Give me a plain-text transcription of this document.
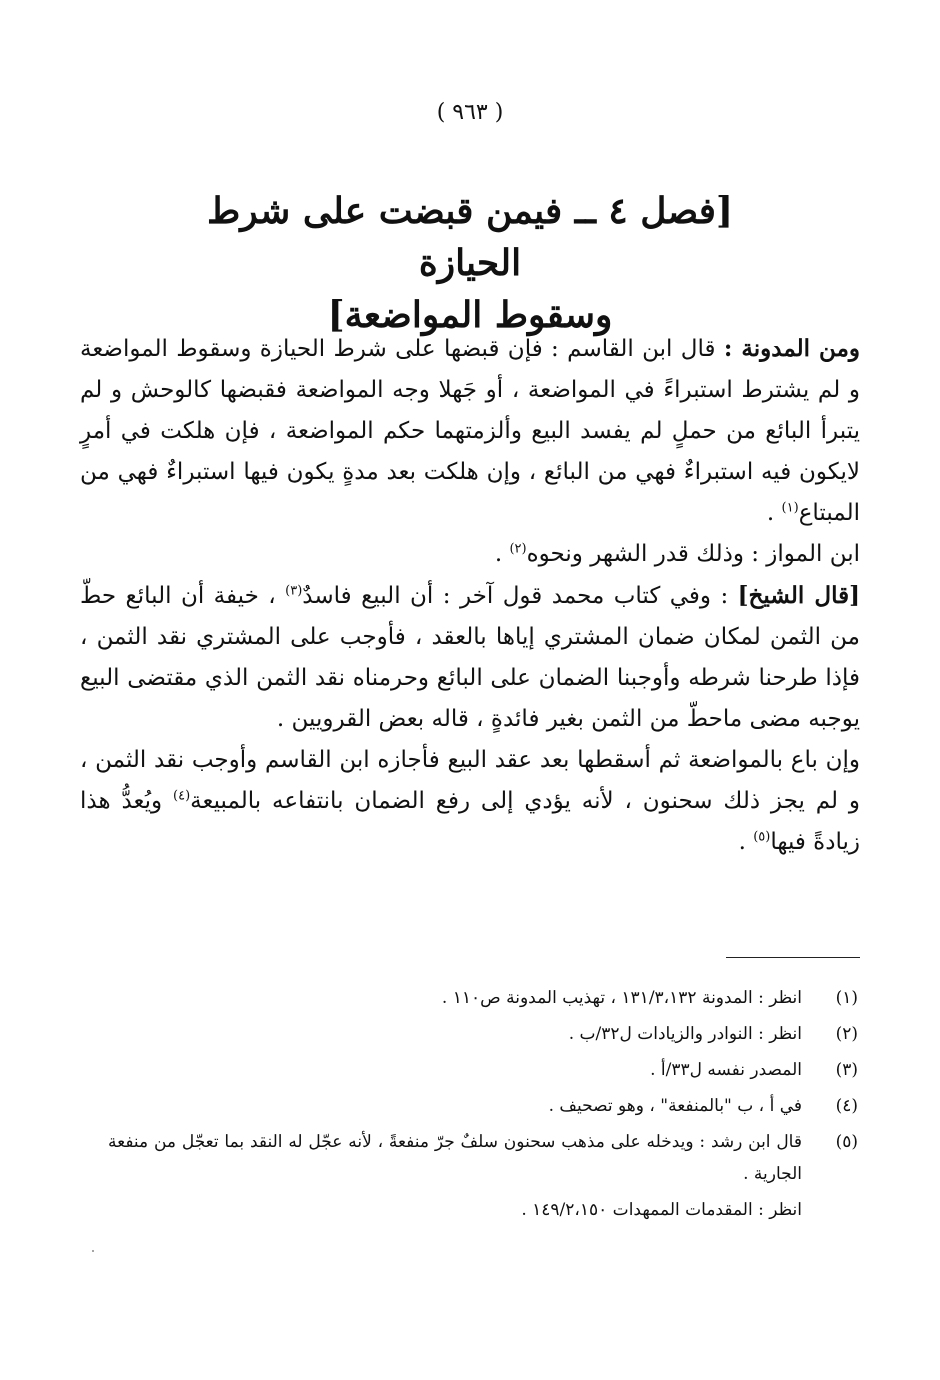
( ٩٦٣ )
[فصل ٤ ــ فيمن قبضت على شرط الحيازة
وسقوط المواضعة]

ومن المدونة : قال ابن القاسم : فإن قبضها على شرط الحيازة وسقوط المواضعة و لم يشترط استبراءً في المواضعة ، أو جَهلا وجه المواضعة فقبضها كالوحش و لم يتبرأ البائع من حملٍ لم يفسد البيع وألزمتهما حكم المواضعة ، فإن هلكت في أمرٍ لايكون فيه استبراءٌ فهي من البائع ، وإن هلكت بعد مدةٍ يكون فيها استبراءٌ فهي من المبتاع$^{(١)}$ .

ابن المواز : وذلك قدر الشهر ونحوه$^{(٢)}$ .

[قال الشيخ] : وفي كتاب محمد قول آخر : أن البيع فاسدٌ$^{(٣)}$ ، خيفة أن البائع حطّ من الثمن لمكان ضمان المشتري إياها بالعقد ، فأوجب على المشتري نقد الثمن ، فإذا طرحنا شرطه وأوجبنا الضمان على البائع وحرمناه نقد الثمن الذي مقتضى البيع يوجبه مضى ماحطّ من الثمن بغير فائدةٍ ، قاله بعض القرويين .

وإن باع بالمواضعة ثم أسقطها بعد عقد البيع فأجازه ابن القاسم وأوجب نقد الثمن ، و لم يجز ذلك سحنون ، لأنه يؤدي إلى رفع الضمان بانتفاعه بالمبيعة$^{(٤)}$ ويُعدُّ هذا زيادةً فيها$^{(٥)}$ .

(١)
انظر : المدونة ١٣١/٣،١٣٢ ، تهذيب المدونة ص١١٠ .
(٢)
انظر : النوادر والزيادات ل٣٢/ب .
(٣)
المصدر نفسه ل٣٣/أ .
(٤)
في أ ، ب "بالمنفعة" ، وهو تصحيف .
(٥)
قال ابن رشد : ويدخله على مذهب سحنون سلفٌ جرّ منفعةً ، لأنه عجّل له النقد بما تعجّل من منفعة الجارية .
انظر : المقدمات الممهدات ١٤٩/٢،١٥٠ .
